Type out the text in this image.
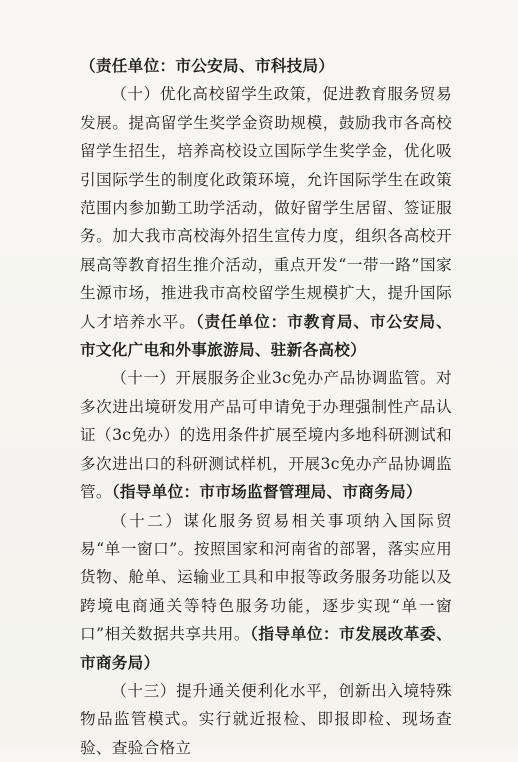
（责任单位：市公安局、市科技局）

（十）优化高校留学生政策，促进教育服务贸易发展。提高留学生奖学金资助规模，鼓励我市各高校留学生招生，培养高校设立国际学生奖学金，优化吸引国际学生的制度化政策环境，允许国际学生在政策范围内参加勤工助学活动，做好留学生居留、签证服务。加大我市高校海外招生宣传力度，组织各高校开展高等教育招生推介活动，重点开发“一带一路”国家生源市场，推进我市高校留学生规模扩大，提升国际人才培养水平。（责任单位：市教育局、市公安局、市文化广电和外事旅游局、驻新各高校）

（十一）开展服务企业3c免办产品协调监管。对多次进出境研发用产品可申请免于办理强制性产品认证（3c免办）的选用条件扩展至境内多地科研测试和多次进出口的科研测试样机，开展3c免办产品协调监管。（指导单位：市市场监督管理局、市商务局）

（十二）谋化服务贸易相关事项纳入国际贸易“单一窗口”。按照国家和河南省的部署，落实应用货物、舱单、运输业工具和申报等政务服务功能以及跨境电商通关等特色服务功能，逐步实现“单一窗口”相关数据共享共用。（指导单位：市发展改革委、市商务局）

（十三）提升通关便利化水平，创新出入境特殊物品监管模式。实行就近报检、即报即检、现场查验、查验合格立
